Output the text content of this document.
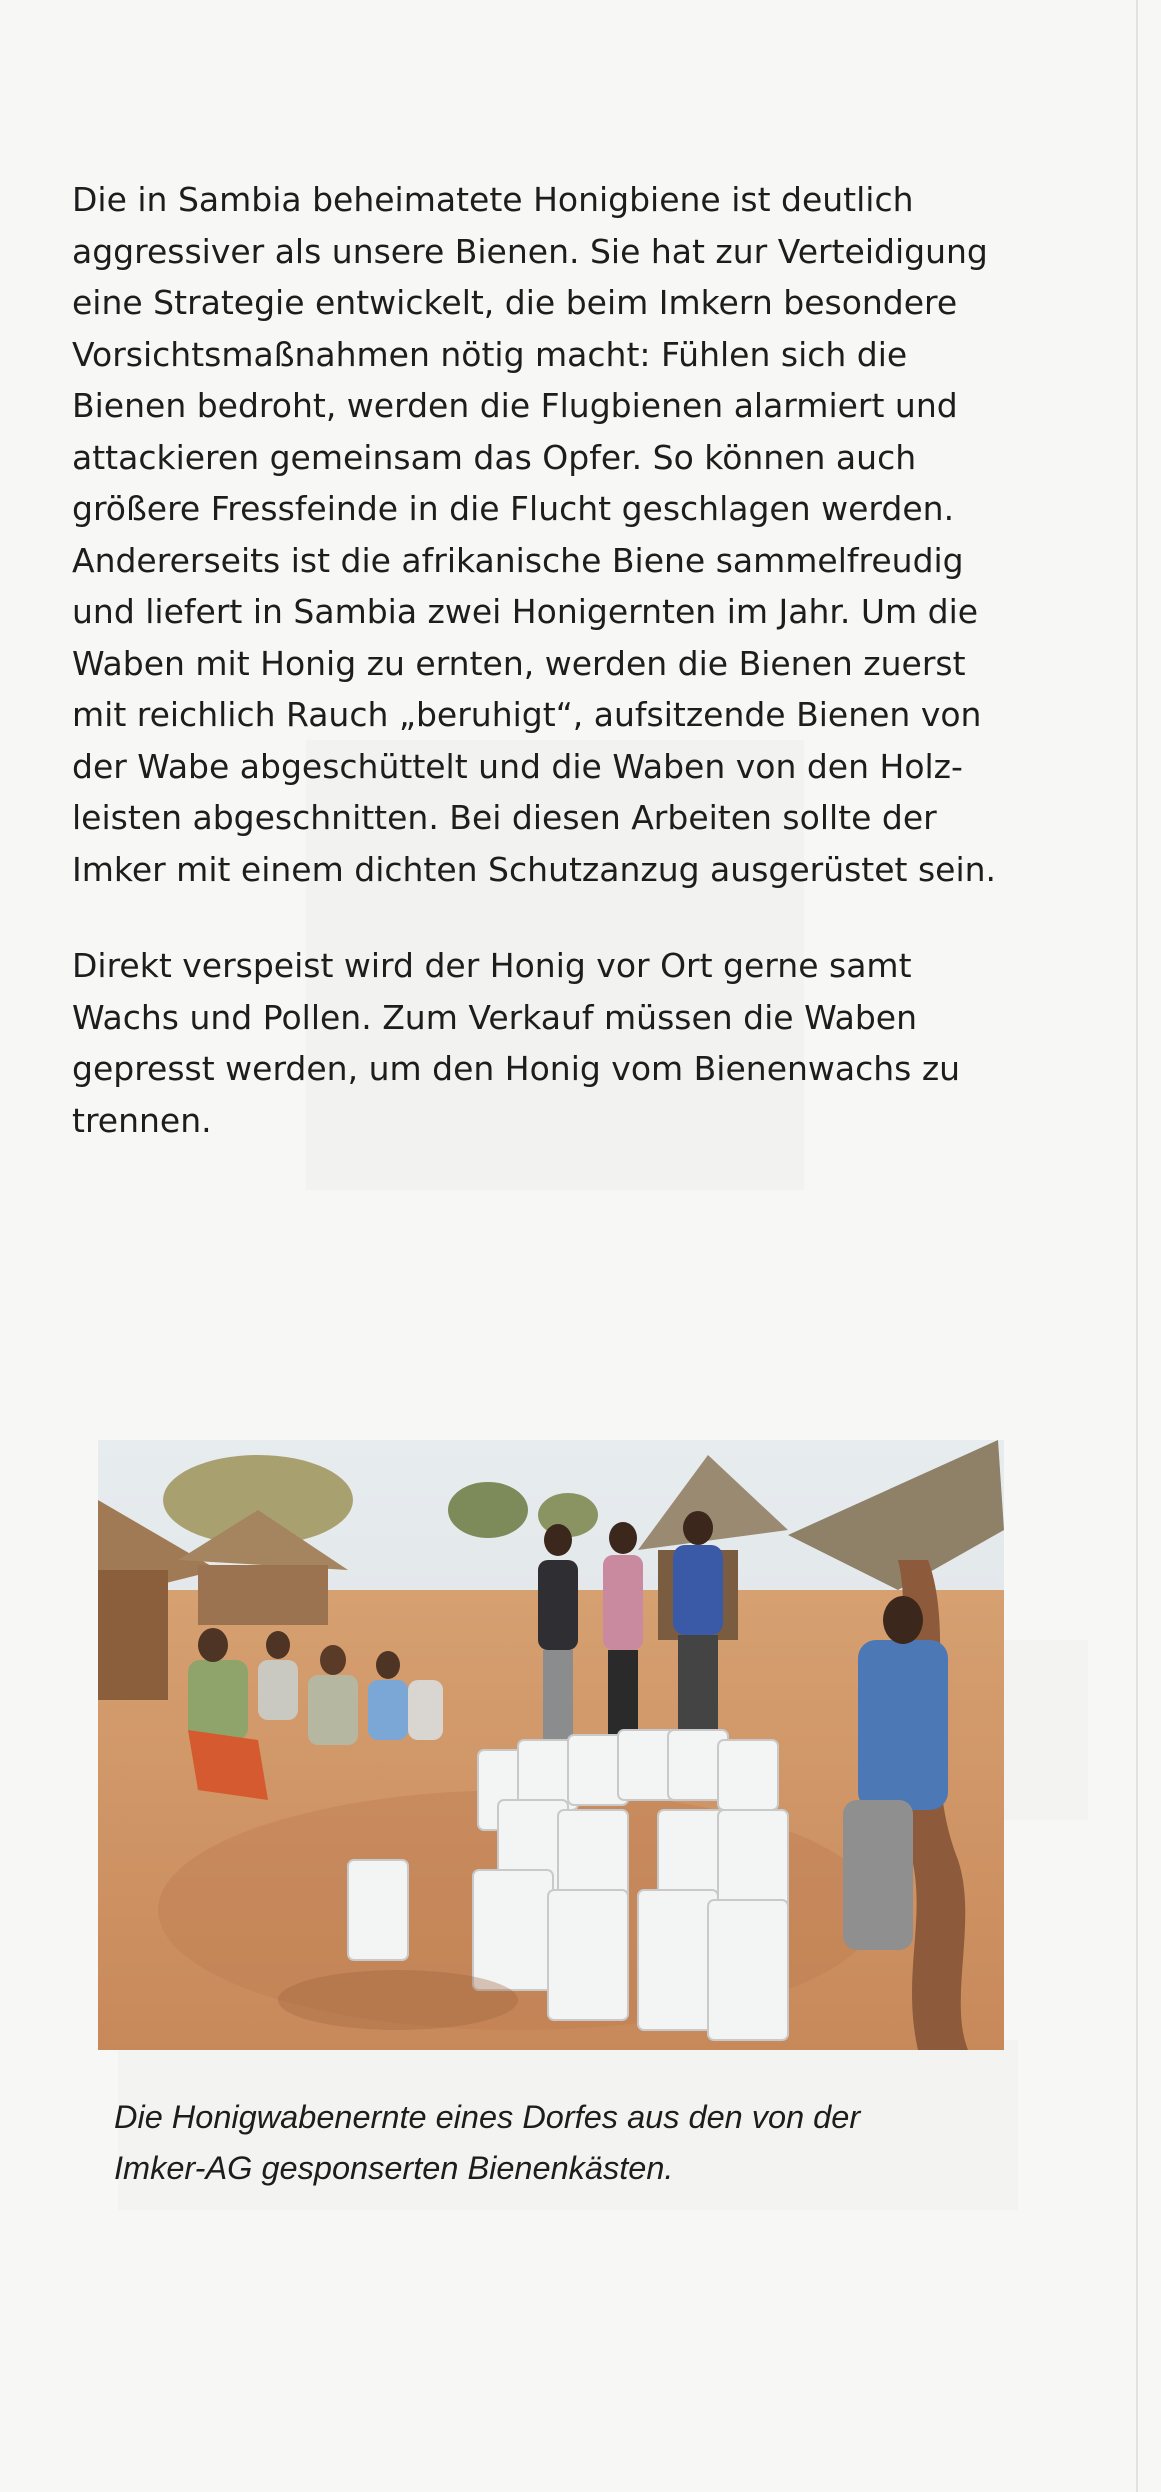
Die in Sambia beheimatete Honigbiene ist deutlich
aggressiver als unsere Bienen. Sie hat zur Verteidigung
eine Strategie entwickelt, die beim Imkern besondere
Vorsichtsmaßnahmen nötig macht: Fühlen sich die
Bienen bedroht, werden die Flugbienen alarmiert und
attackieren gemeinsam das Opfer. So können auch
größere Fressfeinde in die Flucht geschlagen werden.
Andererseits ist die afrikanische Biene sammelfreudig
und liefert in Sambia zwei Honigernten im Jahr. Um die
Waben mit Honig zu ernten, werden die Bienen zuerst
mit reichlich Rauch „beruhigt“, aufsitzende Bienen von
der Wabe abgeschüttelt und die Waben von den Holz-
leisten abgeschnitten. Bei diesen Arbeiten sollte der
Imker mit einem dichten Schutzanzug ausgerüstet sein.
Direkt verspeist wird der Honig vor Ort gerne samt
Wachs und Pollen. Zum Verkauf müssen die Waben
gepresst werden, um den Honig vom Bienenwachs zu
trennen.
Die Honigwabenernte eines Dorfes aus den von der
Imker-AG gesponserten Bienenkästen.
